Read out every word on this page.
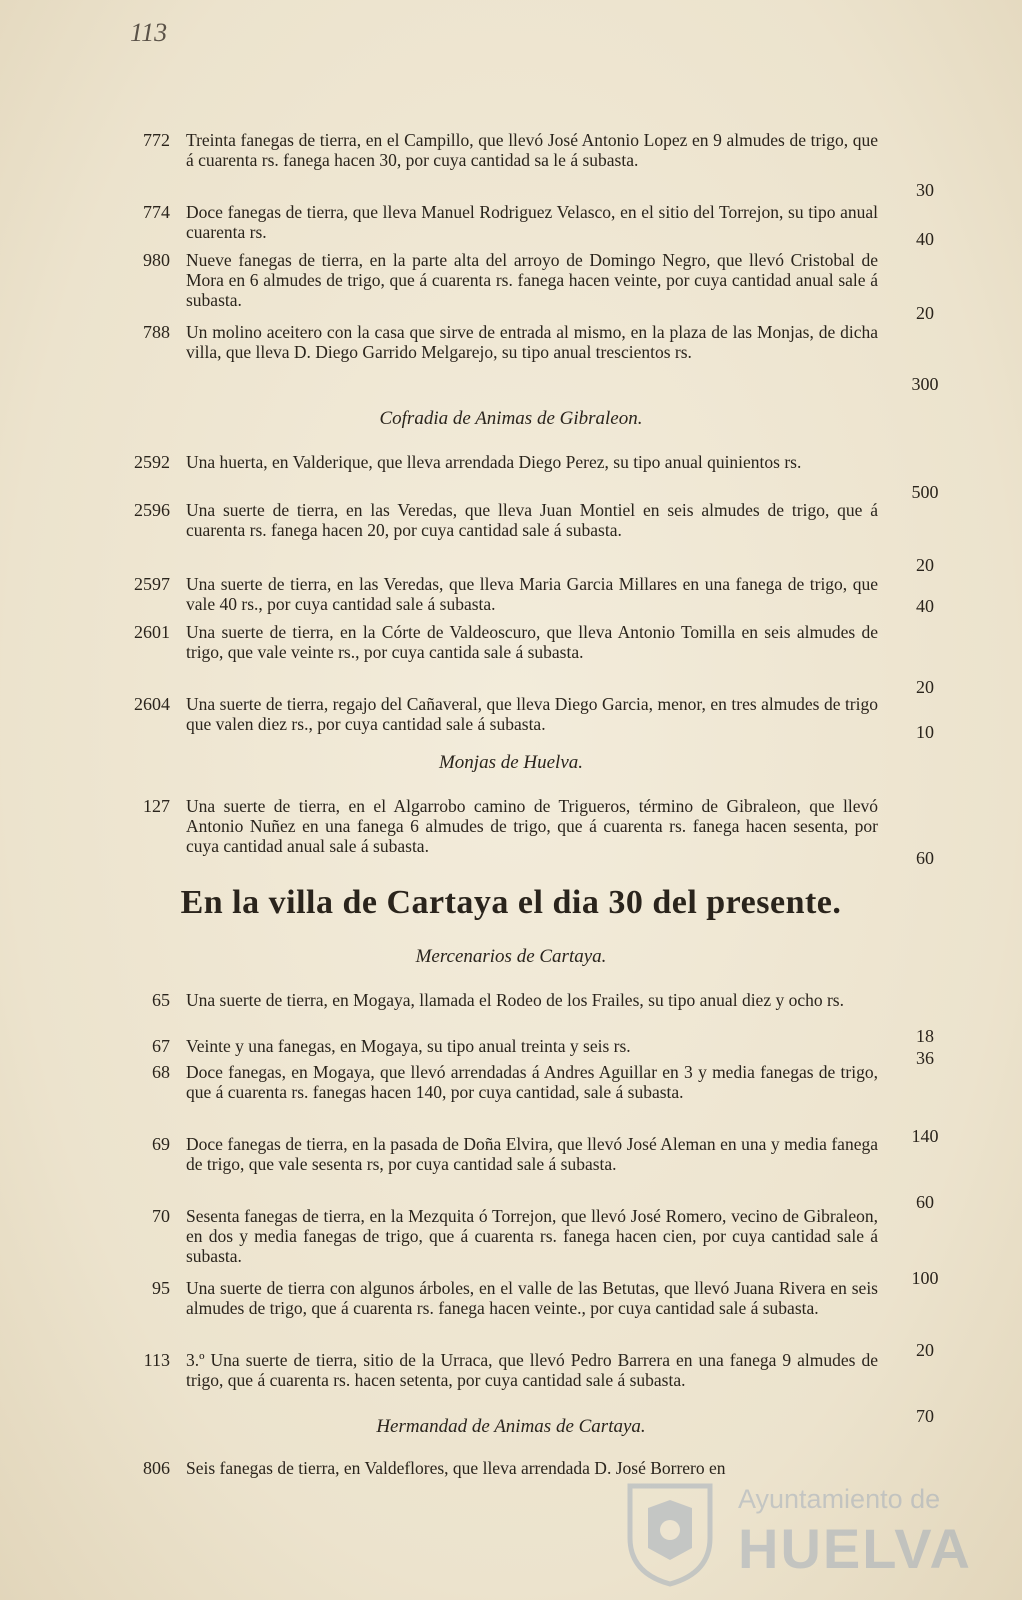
113
772 Treinta fanegas de tierra, en el Campillo, que llevó José Antonio Lopez en 9 almudes de trigo, que á cuarenta rs. fanega hacen 30, por cuya cantidad sa le á subasta.
30
774 Doce fanegas de tierra, que lleva Manuel Rodriguez Velasco, en el sitio del Torrejon, su tipo anual cuarenta rs.	40
980 Nueve fanegas de tierra, en la parte alta del arroyo de Domingo Negro, que llevó Cristobal de Mora en 6 almudes de trigo, que á cuarenta rs. fanega hacen veinte, por cuya cantidad anual sale á subasta.
20
788 Un molino aceitero con la casa que sirve de entrada al mismo, en la plaza de las Monjas, de dicha villa, que lleva D. Diego Garrido Melgarejo, su tipo anual trescientos rs.
300
Cofradia de Animas de Gibraleon.
2592 Una huerta, en Valderique, que lleva arrendada Diego Perez, su tipo anual quinientos rs.
500
2596 Una suerte de tierra, en las Veredas, que lleva Juan Montiel en seis almudes de trigo, que á cuarenta rs. fanega hacen 20, por cuya cantidad sale á subasta.
20
2597 Una suerte de tierra, en las Veredas, que lleva Maria Garcia Millares en una fanega de trigo, que vale 40 rs., por cuya cantidad sale á subasta.	40
2601 Una suerte de tierra, en la Córte de Valdeoscuro, que lleva Antonio Tomilla en seis almudes de trigo, que vale veinte rs., por cuya cantida sale á subasta.
20
2604 Una suerte de tierra, regajo del Cañaveral, que lleva Diego Garcia, menor, en tres almudes de trigo que valen diez rs., por cuya cantidad sale á subasta.	10
Monjas de Huelva.
127 Una suerte de tierra, en el Algarrobo camino de Trigueros, término de Gibraleon, que llevó Antonio Nuñez en una fanega 6 almudes de trigo, que á cuarenta rs. fanega hacen sesenta, por cuya cantidad anual sale á subasta.
60
En la villa de Cartaya el dia 30 del presente.
Mercenarios de Cartaya.
65 Una suerte de tierra, en Mogaya, llamada el Rodeo de los Frailes, su tipo anual diez y ocho rs.
18
67 Veinte y una fanegas, en Mogaya, su tipo anual treinta y seis rs.
36
68 Doce fanegas, en Mogaya, que llevó arrendadas á Andres Aguillar en 3 y media fanegas de trigo, que á cuarenta rs. fanegas hacen 140, por cuya cantidad, sale á subasta.
140
69 Doce fanegas de tierra, en la pasada de Doña Elvira, que llevó José Aleman en una y media fanega de trigo, que vale sesenta rs, por cuya cantidad sale á subasta.
60
70 Sesenta fanegas de tierra, en la Mezquita ó Torrejon, que llevó José Romero, vecino de Gibraleon, en dos y media fanegas de trigo, que á cuarenta rs. fanega hacen cien, por cuya cantidad sale á subasta.
100
95 Una suerte de tierra con algunos árboles, en el valle de las Betutas, que llevó Juana Rivera en seis almudes de trigo, que á cuarenta rs. fanega hacen veinte., por cuya cantidad sale á subasta.
20
113 3.º Una suerte de tierra, sitio de la Urraca, que llevó Pedro Barrera en una fanega 9 almudes de trigo, que á cuarenta rs. hacen setenta, por cuya cantidad sale á subasta.
70
Hermandad de Animas de Cartaya.
806 Seis fanegas de tierra, en Valdeflores, que lleva arrendada D. José Borrero en
Ayuntamiento de
HUELVA
